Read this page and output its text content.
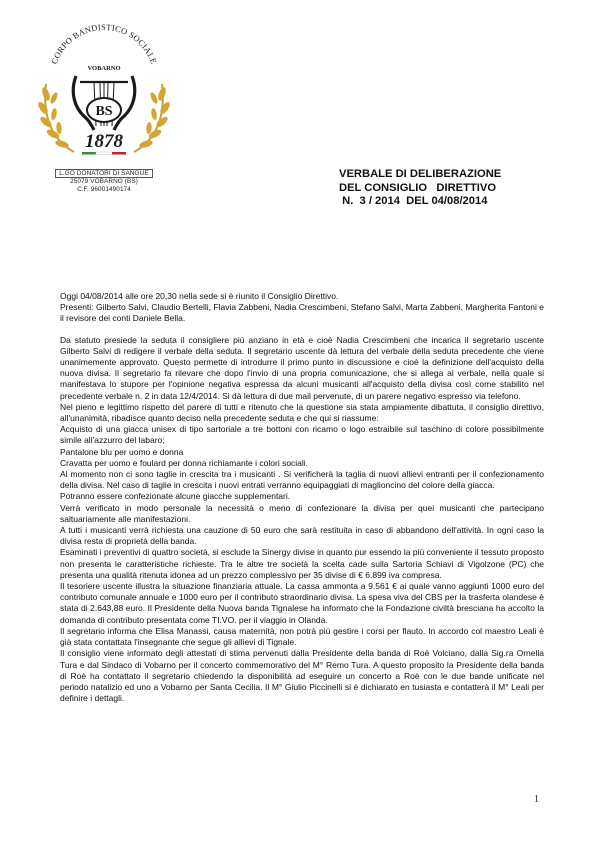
CORPO BANDISTICO SOCIALE
VOBARNO
BS
1878
L.GO DONATORI DI SANGUE
25079 VOBARNO (BS)
C.F. 96001490174
VERBALE DI DELIBERAZIONE
DEL CONSIGLIO   DIRETTIVO
N.  3 / 2014  DEL 04/08/2014

Oggi 04/08/2014 alle ore 20,30 nella sede si è riunito il Consiglio Direttivo.

Presenti: Gilberto Salvi, Claudio Bertelli, Flavia Zabbeni, Nadia Crescimbeni, Stefano Salvi, Marta Zabbeni, Margherita Fantoni e il revisore dei conti Daniele Bella.

Da statuto presiede la seduta il consigliere più anziano in età e cioè Nadia Crescimbeni che incarica il segretario uscente Gilberto Salvi di redigere il verbale della seduta. Il segretario uscente dà lettura del verbale della seduta precedente che viene unanimemente approvato. Questo permette di introdurre il primo punto in discussione e cioè la definizione dell'acquisto della nuova divisa. Il segretario fa rilevare che dopo l'invio di una propria comunicazione, che si allega al verbale, nella quale si manifestava lo stupore per l'opinione negativa espressa da alcuni musicanti all'acquisto della divisa così come stabilito nel precedente verbale n. 2 in data 12/4/2014. Si dà lettura di due mail pervenute, di un parere negativo espresso via telefono.

Nel pieno e legittimo rispetto del parere di tutti e ritenuto che la questione sia stata ampiamente dibattuta, il consiglio direttivo, all'unanimità, ribadisce quanto deciso nella precedente seduta e che qui si riassume:

Acquisto di una giacca unisex di tipo sartoriale a tre bottoni con ricamo o logo estraibile sul taschino di colore possibilmente simile all'azzurro del labaro;

Pantalone blu per uomo e donna

Cravatta per uomo e foulard per donna richiamante i colori sociali.

Al momento non ci sono taglie in crescita tra i musicanti . Si verificherà la taglia di nuovi allievi entranti per il confezionamento della divisa. Nel caso di taglie in crescita i nuovi entrati verranno equipaggiati di maglioncino del colore della giacca.

Potranno essere confezionate alcune giacche supplementari.

Verrà verificato in modo personale la necessità o meno di confezionare la divisa per quei musicanti che partecipano saltuariamente alle manifestazioni.

A tutti i musicanti verrà richiesta una cauzione di 50 euro che sarà restituita in caso di abbandono dell'attività. In ogni caso la divisa resta di proprietà della banda.

Esaminati i preventivi di quattro società, si esclude la Sinergy divise in quanto pur essendo la più conveniente il tessuto proposto non presenta le caratteristiche richieste. Tra le altre tre società la scelta cade sulla Sartoria Schiavi di Vigolzone (PC) che presenta una qualità ritenuta idonea ad un prezzo complessivo per 35 divise di € 6.899 iva compresa.

Il tesoriere uscente illustra la situazione finanziaria attuale. La cassa ammonta a 9.561 € ai quale vanno aggiunti 1000 euro del contributo comunale annuale e 1000 euro per il contributo straordinario divisa. La spesa viva del CBS per la trasferta olandese è stata di 2.643,88 euro. Il Presidente della Nuova banda Tignalese ha informato che la Fondazione civiltà bresciana ha accolto la domanda di contributo presentata come TI.VO. per il viaggio in Olanda.

Il segretario informa che Elisa Manassi, causa maternità, non potrà più gestire i corsi per flauto. In accordo col maestro Leali è già stata contattata l'insegnante che segue gli allievi di Tignale.

Il consiglio viene informato degli attestati di stima pervenuti dalla Presidente della banda di Roè Volciano, dalla Sig.ra Ornella Tura e dal Sindaco di Vobarno per il concerto commemorativo del M° Remo Tura. A questo proposito la Presidente della banda di Roè ha contattato il segretario chiedendo la disponibilità ad eseguire un concerto a Roè con le due bande unificate nel periodo natalizio ed uno a Vobarno per Santa Cecilia. Il M° Giulio Piccinelli si è dichiarato en tusiasta e contatterà il M° Leali per definire i dettagli.

1
